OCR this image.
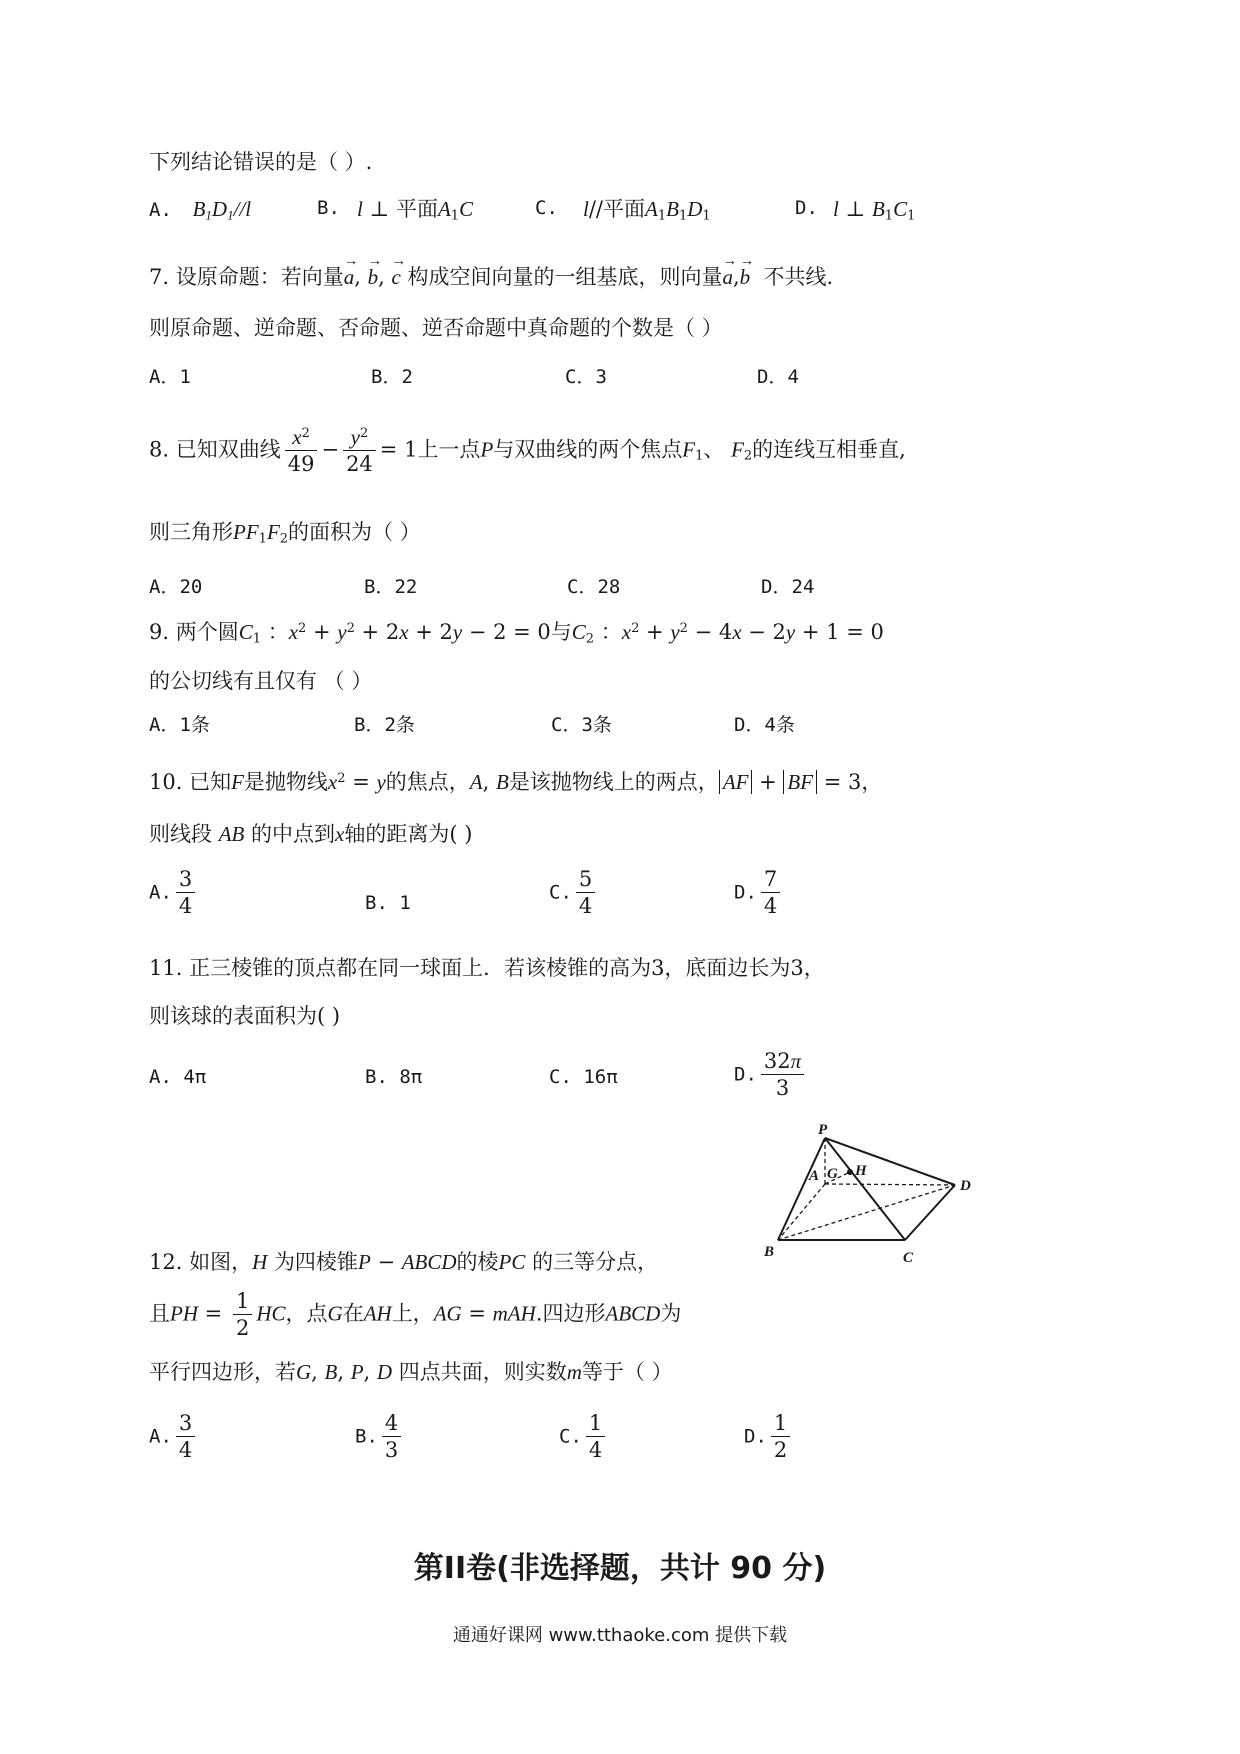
下列结论错误的是（ ）.
A. $B_1D_1//l$	B. l ⊥ 平面$A_1C$	C. l//平面$A_1B_1D_1$	D. l ⊥ $B_1C_1$
7. 设原命题：若向量→ a, → b, → c 构成空间向量的一组基底，则向量→ a,→ b 不共线.
则原命题、逆命题、否命题、逆否命题中真命题的个数是（ ）
A．1	B．2	C．3	D．4
8. 已知双曲线 $\frac{x^2}{49} - \frac{y^2}{24} = 1$上一点P与双曲线的两个焦点$F_1$、 $F_2$的连线互相垂直,
则三角形$PF_1F_2$的面积为（ ）
A．20	B．22	C．28	D．24
9. 两个圆$C_1$ ：$x^2 + y^2 + 2x + 2y - 2 = 0$与$C_2$ ：$x^2 + y^2 - 4x - 2y + 1 = 0$
的公切线有且仅有 （ ）
A．1条	B．2条	C．3条	D．4条
10. 已知F是抛物线$x^2 = y$的焦点，A, B是该抛物线上的两点， AF + BF = 3，
则线段 AB 的中点到x轴的距离为( )
A. $\frac{3}{4}$	B. 1	C. $\frac{5}{4}$	D. $\frac{7}{4}$
11. 正三棱锥的顶点都在同一球面上．若该棱锥的高为3，底面边长为3，
则该球的表面积为( )
A. 4π	B. 8π	C. 16π	D. $\frac{32\pi}{3}$
P
A G H
D
B	C
12. 如图，H 为四棱锥P − ABCD的棱PC 的三等分点，
且PH = $\frac{1}{2}$ HC，点G在AH上，AG = mAH.四边形ABCD为
平行四边形，若G, B, P, D 四点共面，则实数m等于（ ）
A. $\frac{3}{4}$	B. $\frac{4}{3}$	C. $\frac{1}{4}$	D. $\frac{1}{2}$
第II卷(非选择题，共计 90 分)
通通好课网 www.tthaoke.com 提供下载
